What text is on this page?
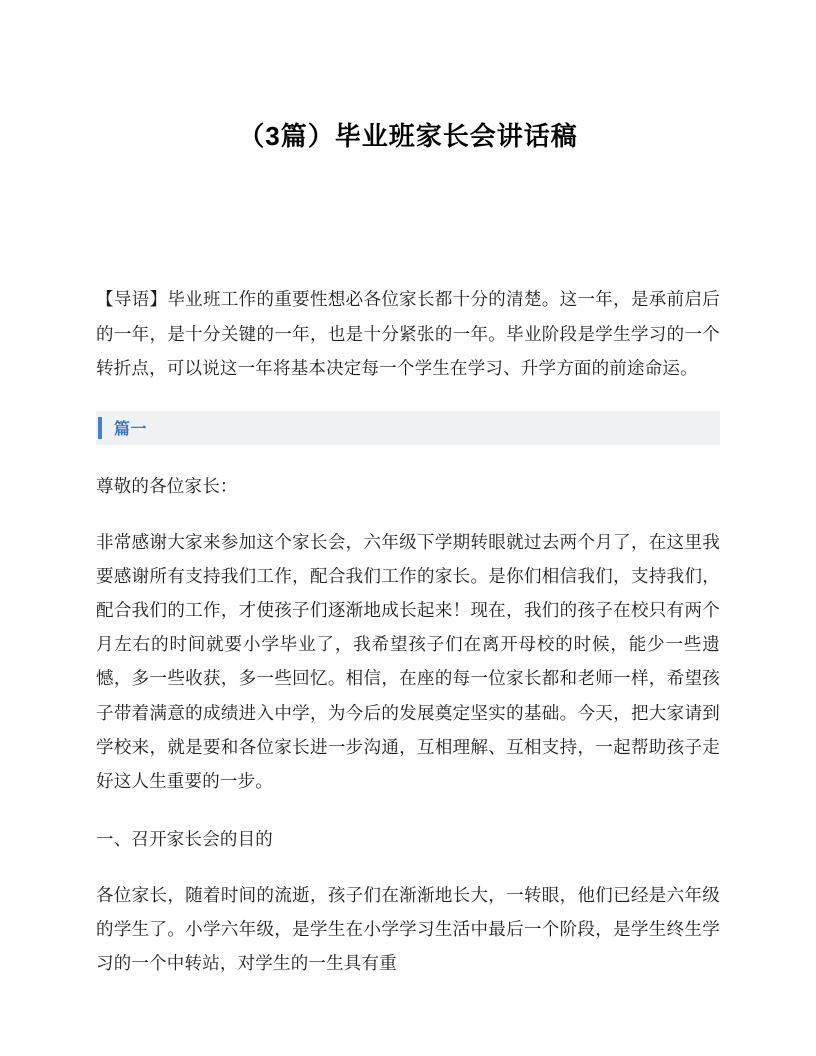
（3篇）毕业班家长会讲话稿

【导语】毕业班工作的重要性想必各位家长都十分的清楚。这一年，是承前启后的一年，是十分关键的一年，也是十分紧张的一年。毕业阶段是学生学习的一个转折点，可以说这一年将基本决定每一个学生在学习、升学方面的前途命运。

篇一

尊敬的各位家长：

非常感谢大家来参加这个家长会，六年级下学期转眼就过去两个月了，在这里我要感谢所有支持我们工作，配合我们工作的家长。是你们相信我们，支持我们，配合我们的工作，才使孩子们逐渐地成长起来！现在，我们的孩子在校只有两个月左右的时间就要小学毕业了，我希望孩子们在离开母校的时候，能少一些遗憾，多一些收获，多一些回忆。相信，在座的每一位家长都和老师一样，希望孩子带着满意的成绩进入中学，为今后的发展奠定坚实的基础。今天，把大家请到学校来，就是要和各位家长进一步沟通，互相理解、互相支持，一起帮助孩子走好这人生重要的一步。

一、召开家长会的目的

各位家长，随着时间的流逝，孩子们在渐渐地长大，一转眼，他们已经是六年级的学生了。小学六年级，是学生在小学学习生活中最后一个阶段，是学生终生学习的一个中转站，对学生的一生具有重
